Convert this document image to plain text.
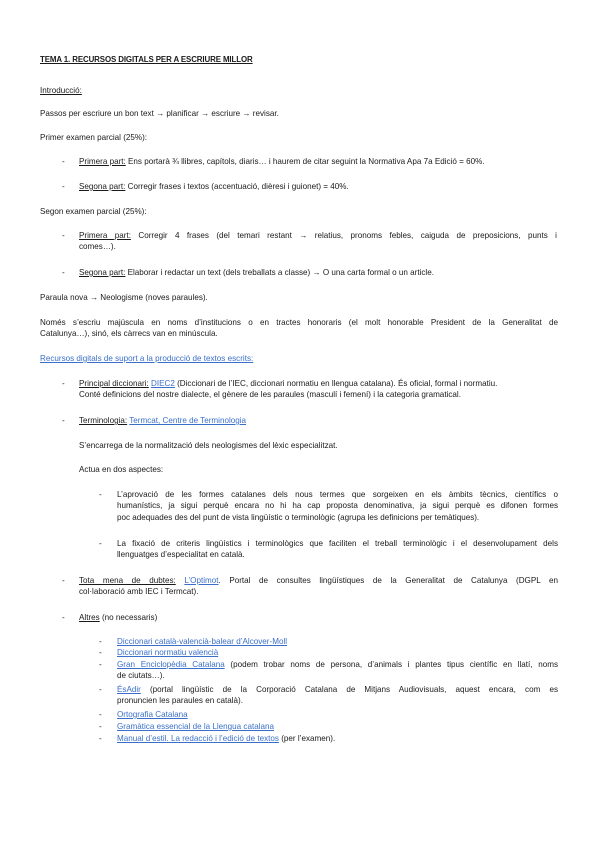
TEMA 1. RECURSOS DIGITALS PER A ESCRIURE MILLOR
Introducció:
Passos per escriure un bon text → planificar → escriure → revisar.
Primer examen parcial (25%):
- Primera part: Ens portarà ¾ llibres, capítols, diaris… i haurem de citar seguint la Normativa Apa 7a Edició = 60%.
- Segona part: Corregir frases i textos (accentuació, dièresi i guionet) = 40%.
Segon examen parcial (25%):
- Primera part: Corregir 4 frases (del temari restant → relatius, pronoms febles, caiguda de preposicions, punts i
comes…).
- Segona part: Elaborar i redactar un text (dels treballats a classe) → O una carta formal o un article.
Paraula nova → Neologisme (noves paraules).
Només s’escriu majúscula en noms d’institucions o en tractes honoraris (el molt honorable President de la Generalitat de
Catalunya…), sinó, els càrrecs van en minúscula.
Recursos digitals de suport a la producció de textos escrits:
- Principal diccionari: DIEC2 (Diccionari de l’IEC, diccionari normatiu en llengua catalana). És oficial, formal i normatiu.
Conté definicions del nostre dialecte, el gènere de les paraules (masculí i femení) i la categoria gramatical.
- Terminologia: Termcat, Centre de Terminologia
S’encarrega de la normalització dels neologismes del lèxic especialitzat.
Actua en dos aspectes:
- L’aprovació de les formes catalanes dels nous termes que sorgeixen en els àmbits tècnics, científics o
humanístics, ja sigui perquè encara no hi ha cap proposta denominativa, ja sigui perquè es difonen formes
poc adequades des del punt de vista lingüístic o terminològic (agrupa les definicions per temàtiques).
- La fixació de criteris lingüístics i terminològics que faciliten el treball terminològic i el desenvolupament dels
llenguatges d’especialitat en català.
- Tota mena de dubtes: L’Optimot. Portal de consultes lingüístiques de la Generalitat de Catalunya (DGPL en
col·laboració amb IEC i Termcat).
- Altres (no necessaris)
- Diccionari català-valencià-balear d’Alcover-Moll
- Diccionari normatiu valencià
- Gran Enciclopèdia Catalana (podem trobar noms de persona, d’animals i plantes tipus científic en llatí, noms
de ciutats…).
- ÉsAdir (portal lingüístic de la Corporació Catalana de Mitjans Audiovisuals, aquest encara, com es
pronuncien les paraules en català).
- Ortografia Catalana
- Gramàtica essencial de la Llengua catalana
- Manual d’estil. La redacció i l’edició de textos (per l’examen).
